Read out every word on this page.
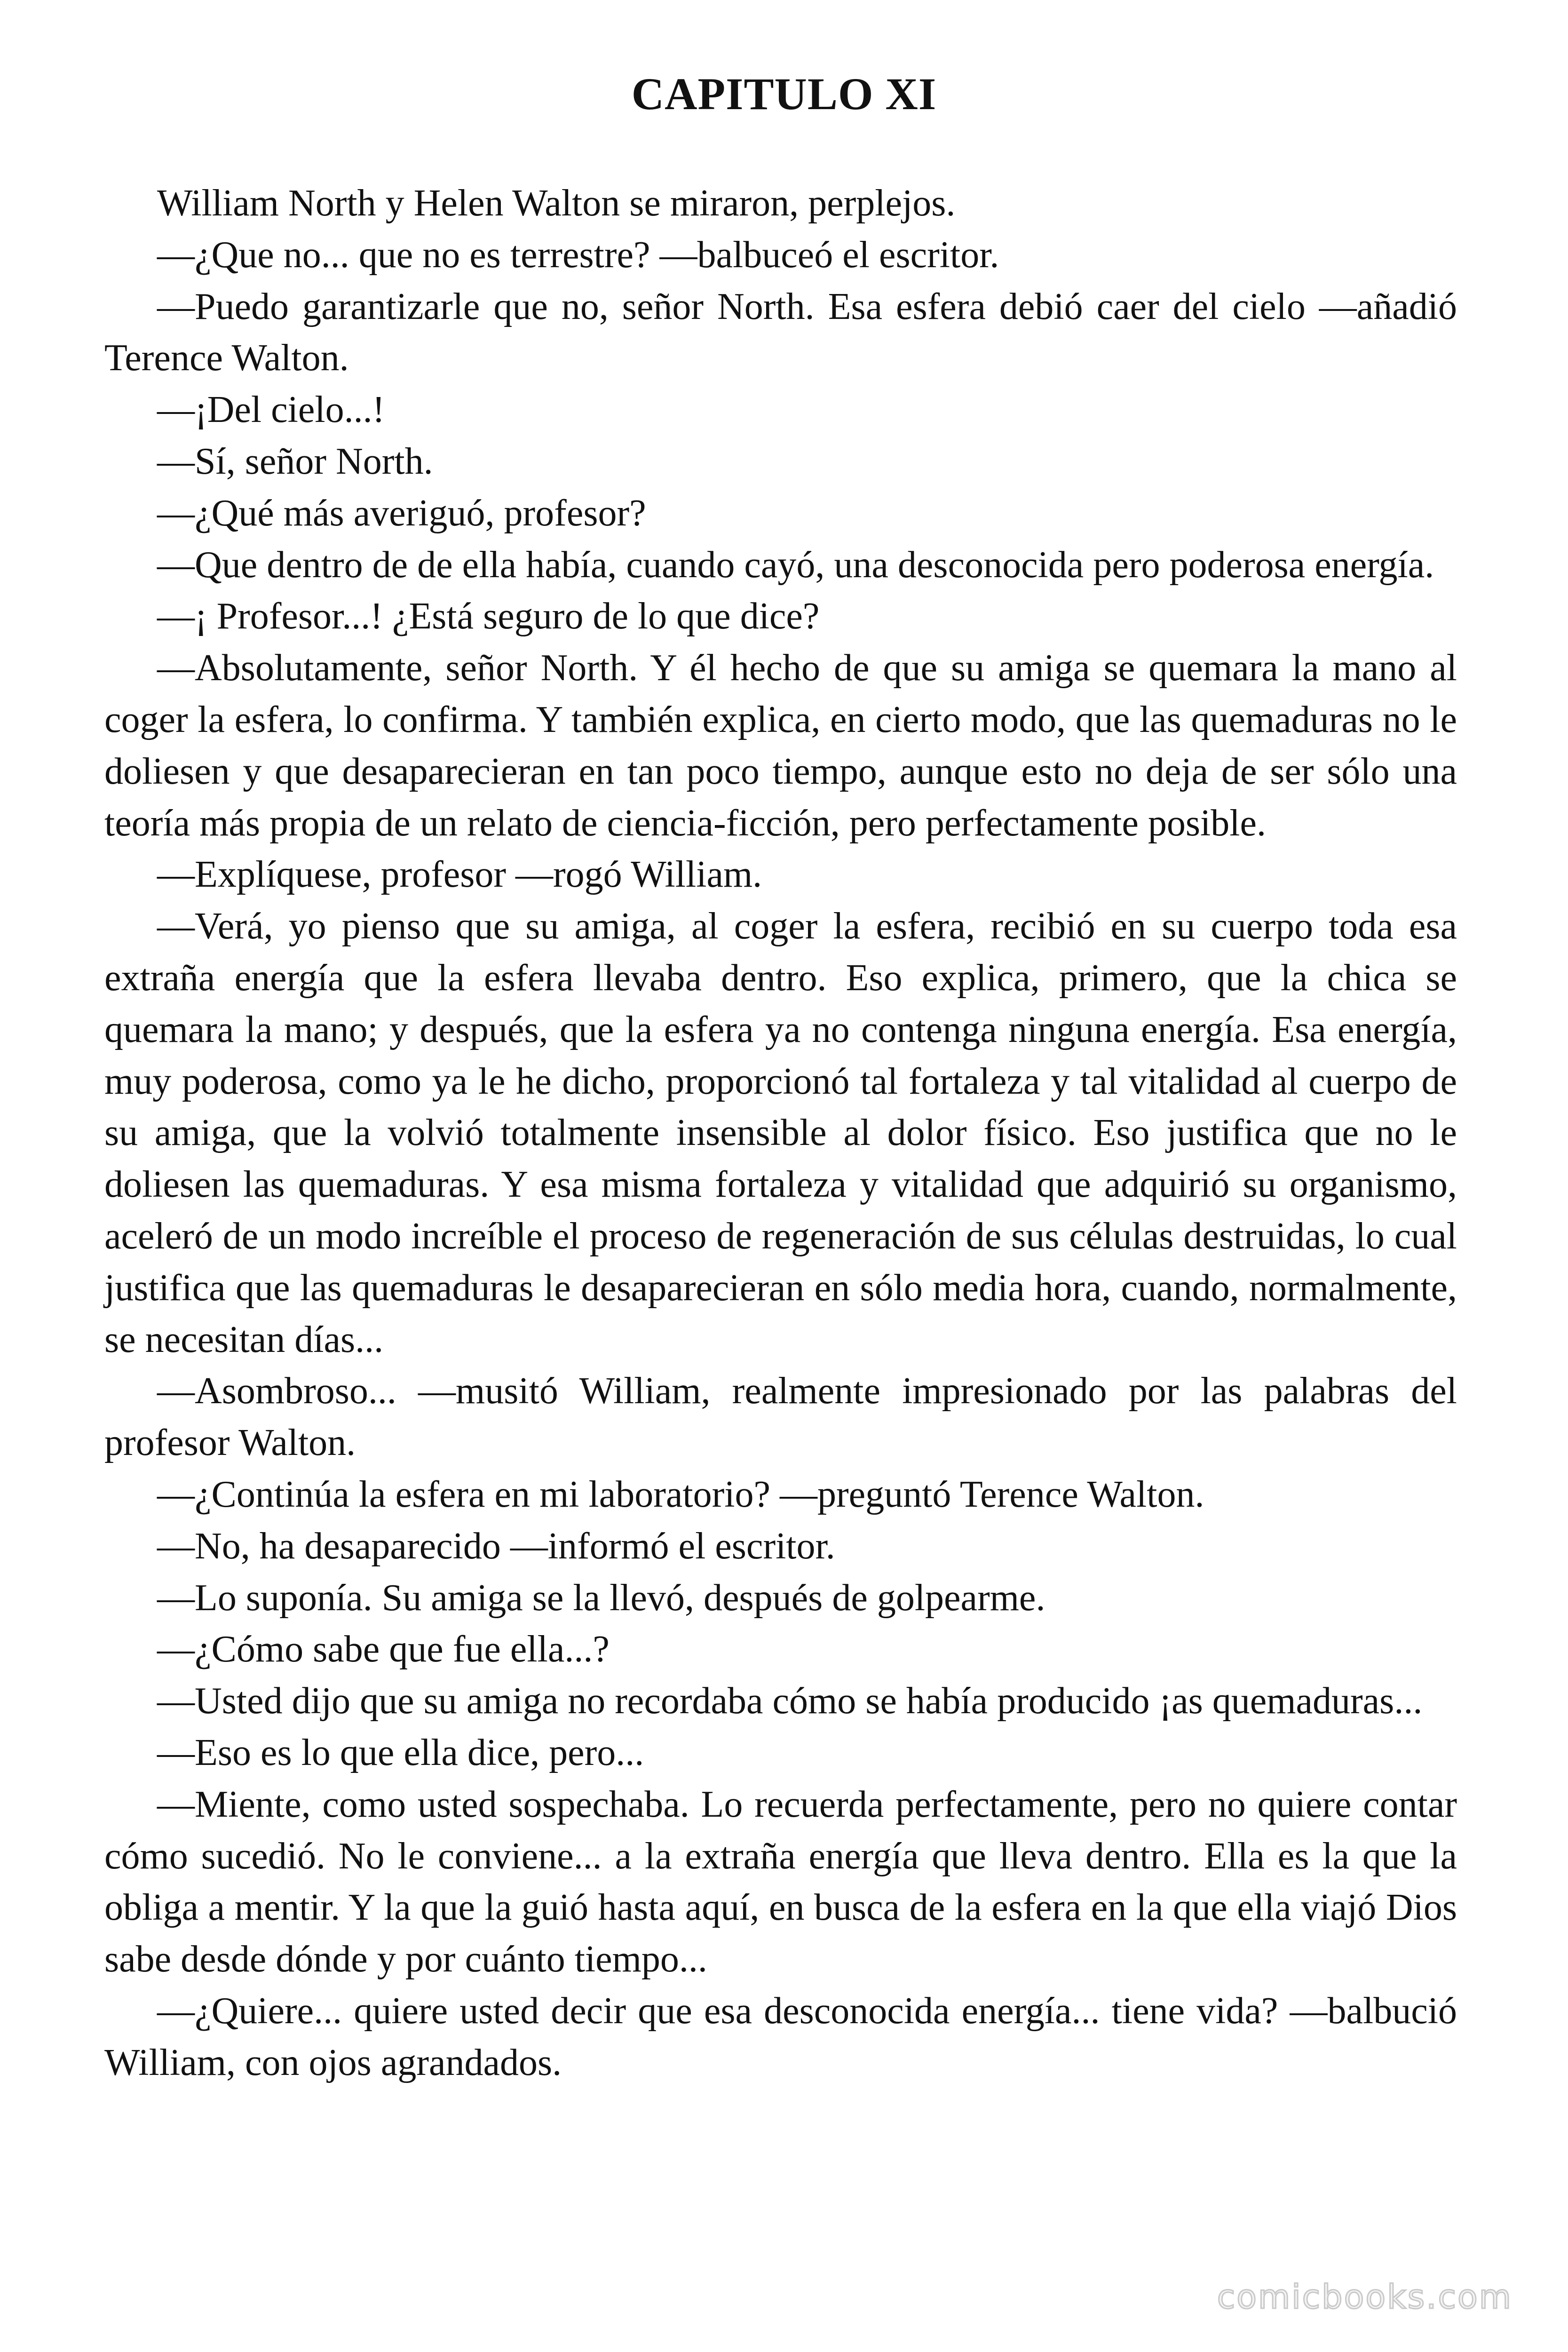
CAPITULO XI

William North y Helen Walton se miraron, perplejos.

—¿Que no... que no es terrestre? —balbuceó el escritor.

—Puedo garantizarle que no, señor North. Esa esfera debió caer del cielo —añadió Terence Walton.

—¡Del cielo...!

—Sí, señor North.

—¿Qué más averiguó, profesor?

—Que dentro de de ella había, cuando cayó, una desconocida pero poderosa energía.

—¡ Profesor...! ¿Está seguro de lo que dice?

—Absolutamente, señor North. Y él hecho de que su amiga se quemara la mano al coger la esfera, lo confirma. Y también explica, en cierto modo, que las quemaduras no le doliesen y que desaparecieran en tan poco tiempo, aunque esto no deja de ser sólo una teoría más propia de un relato de ciencia-ficción, pero perfectamente posible.

—Explíquese, profesor —rogó William.

—Verá, yo pienso que su amiga, al coger la esfera, recibió en su cuerpo toda esa extraña energía que la esfera llevaba dentro. Eso explica, primero, que la chica se quemara la mano; y después, que la esfera ya no contenga ninguna energía. Esa energía, muy poderosa, como ya le he dicho, proporcionó tal fortaleza y tal vitalidad al cuerpo de su amiga, que la volvió totalmente insensible al dolor físico. Eso justifica que no le doliesen las quemaduras. Y esa misma fortaleza y vitalidad que adquirió su organismo, aceleró de un modo increíble el proceso de regeneración de sus células destruidas, lo cual justifica que las quemaduras le desaparecieran en sólo media hora, cuando, normalmente, se necesitan días...

—Asombroso... —musitó William, realmente impresionado por las palabras del profesor Walton.

—¿Continúa la esfera en mi laboratorio? —preguntó Terence Walton.

—No, ha desaparecido —informó el escritor.

—Lo suponía. Su amiga se la llevó, después de golpearme.

—¿Cómo sabe que fue ella...?

—Usted dijo que su amiga no recordaba cómo se había producido ¡as quemaduras...

—Eso es lo que ella dice, pero...

—Miente, como usted sospechaba. Lo recuerda perfectamente, pero no quiere contar cómo sucedió. No le conviene... a la extraña energía que lleva dentro. Ella es la que la obliga a mentir. Y la que la guió hasta aquí, en busca de la esfera en la que ella viajó Dios sabe desde dónde y por cuánto tiempo...

—¿Quiere... quiere usted decir que esa desconocida energía... tiene vida? —balbució William, con ojos agrandados.

comicbooks.com
